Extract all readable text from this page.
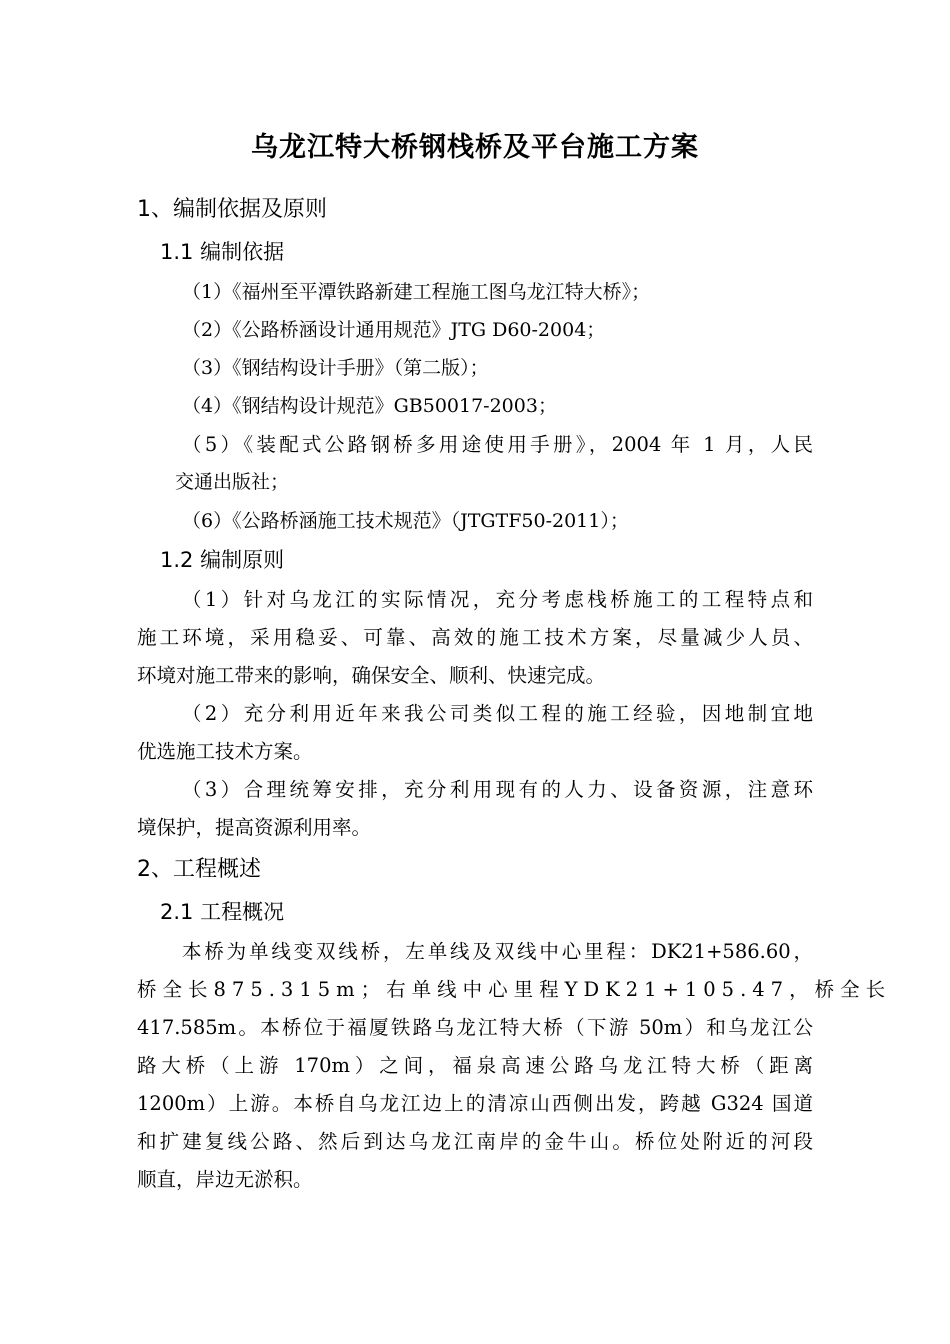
乌龙江特大桥钢栈桥及平台施工方案
1、编制依据及原则
1.1 编制依据
（1）《福州至平潭铁路新建工程施工图乌龙江特大桥》；
（2）《公路桥涵设计通用规范》JTG D60-2004；
（3）《钢结构设计手册》（第二版）；
（4）《钢结构设计规范》GB50017-2003；
（5）《装配式公路钢桥多用途使用手册》，2004 年 1 月，人民
交通出版社；
（6）《公路桥涵施工技术规范》（JTGTF50-2011）；
1.2 编制原则
（1）针对乌龙江的实际情况，充分考虑栈桥施工的工程特点和
施工环境，采用稳妥、可靠、高效的施工技术方案，尽量减少人员、
环境对施工带来的影响，确保安全、顺利、快速完成。
（2）充分利用近年来我公司类似工程的施工经验，因地制宜地
优选施工技术方案。
（3）合理统筹安排，充分利用现有的人力、设备资源，注意环
境保护，提高资源利用率。
2、工程概述
2.1 工程概况
本桥为单线变双线桥，左单线及双线中心里程：DK21+586.60，
桥全长875.315m；右单线中心里程YDK21+105.47，桥全长
417.585m。本桥位于福厦铁路乌龙江特大桥（下游 50m）和乌龙江公
路大桥（上游 170m）之间，福泉高速公路乌龙江特大桥（距离
1200m）上游。本桥自乌龙江边上的清凉山西侧出发，跨越 G324 国道
和扩建复线公路、然后到达乌龙江南岸的金牛山。桥位处附近的河段
顺直，岸边无淤积。
